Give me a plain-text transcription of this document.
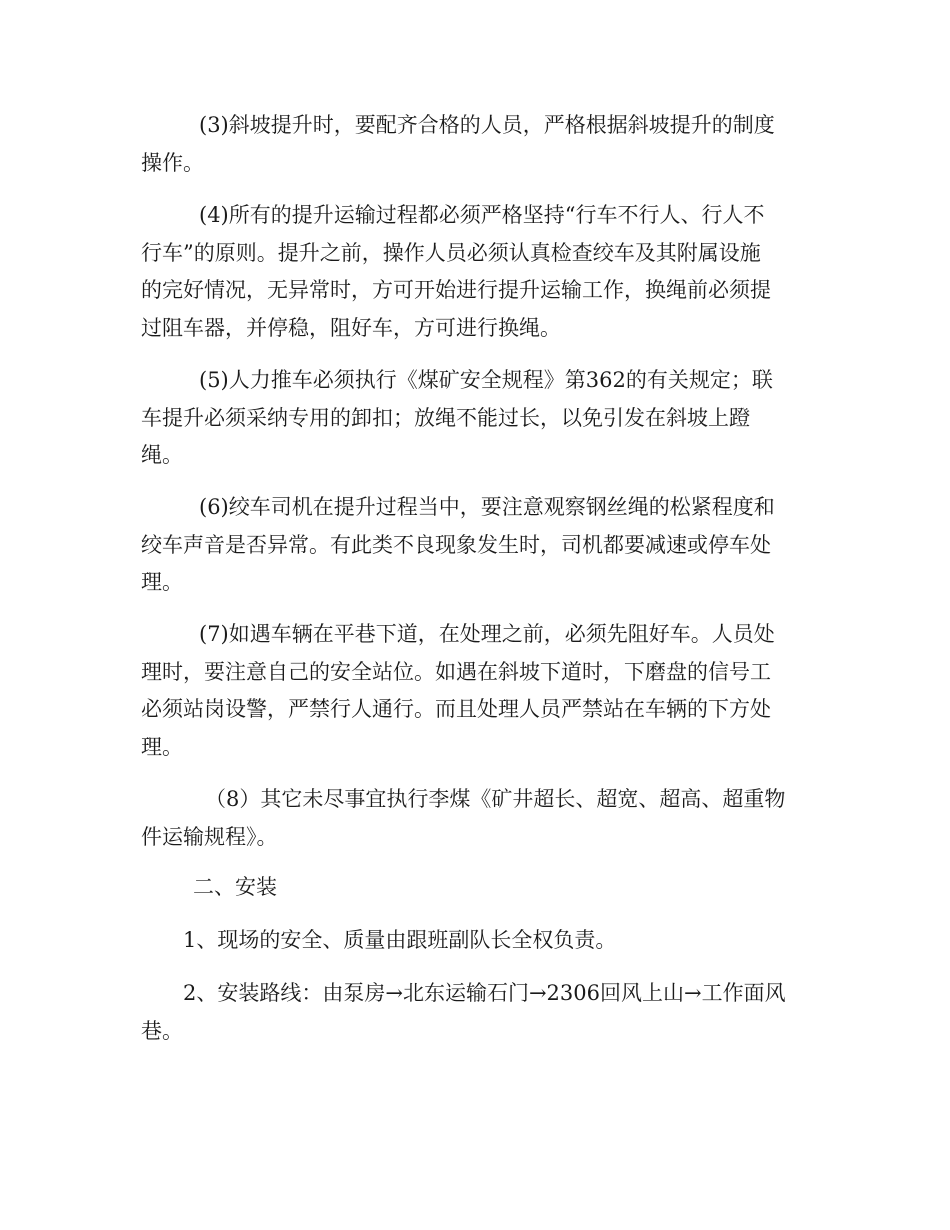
(3)斜坡提升时，要配齐合格的人员，严格根据斜坡提升的制度
操作。
(4)所有的提升运输过程都必须严格坚持“行车不行人、行人不
行车”的原则。提升之前，操作人员必须认真检查绞车及其附属设施
的完好情况，无异常时，方可开始进行提升运输工作，换绳前必须提
过阻车器，并停稳，阻好车，方可进行换绳。
(5)人力推车必须执行《煤矿安全规程》第362的有关规定；联
车提升必须采纳专用的卸扣；放绳不能过长，以免引发在斜坡上蹬
绳。
(6)绞车司机在提升过程当中，要注意观察钢丝绳的松紧程度和
绞车声音是否异常。有此类不良现象发生时，司机都要减速或停车处
理。
(7)如遇车辆在平巷下道，在处理之前，必须先阻好车。人员处
理时，要注意自己的安全站位。如遇在斜坡下道时，下磨盘的信号工
必须站岗设警，严禁行人通行。而且处理人员严禁站在车辆的下方处
理。
（8）其它未尽事宜执行李煤《矿井超长、超宽、超高、超重物
件运输规程》。
二、安装
1、现场的安全、质量由跟班副队长全权负责。
2、安装路线：由泵房→北东运输石门→2306回风上山→工作面风
巷。
